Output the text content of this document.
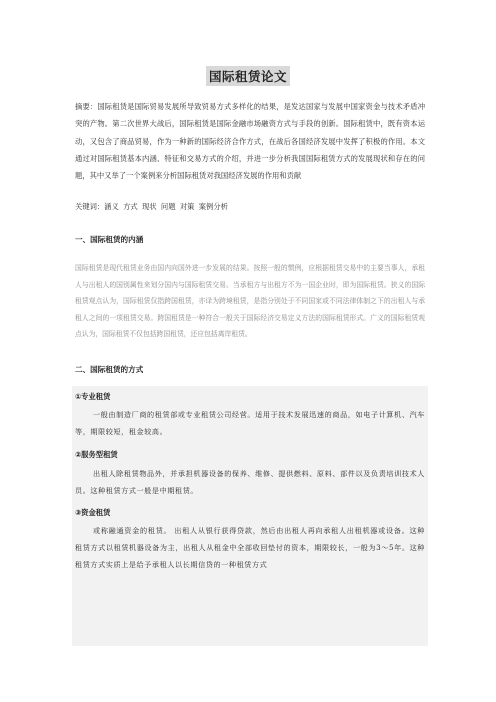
国际租赁论文
摘要：国际租赁是国际贸易发展所导致贸易方式多样化的结果，是发达国家与发展中国家资金与技术矛盾冲突的产物。第二次世界大战后，国际租赁是国际金融市场融资方式与手段的创新。国际租赁中，既有资本运动，又包含了商品贸易，作为一种新的国际经济合作方式，在战后各国经济发展中发挥了积极的作用。本文通过对国际租赁基本内涵、特征和交易方式的介绍，并进一步分析我国国际租赁方式的发展现状和存在的问题，其中又举了一个案例来分析国际租赁对我国经济发展的作用和贡献
关键词：涵义 方式 现状 问题 对策 案例分析
一、国际租赁的内涵
国际租赁是现代租赁业务由国内向国外进一步发展的结果。按照一般的惯例，应根据租赁交易中的主要当事人，承租人与出租人的国别属性来划分国内与国际租赁交易。当承租方与出租方不为一国企业时，即为国际租赁。狭义的国际租赁观点认为，国际租赁仅指跨国租赁，亦译为跨境租赁，是指分别处于不同国家或不同法律体制之下的出租人与承租人之间的一项租赁交易。跨国租赁是一种符合一般关于国际经济交易定义方法的国际租赁形式。广义的国际租赁观点认为，国际租赁不仅包括跨国租赁，还应包括离岸租赁。
二、国际租赁的方式
①专业租赁
一般由制造厂商的租赁部或专业租赁公司经营。适用于技术发展迅速的商品，如电子计算机、汽车等，期限较短，租金较高。
②服务型租赁
出租人除租赁物品外，并承担机器设备的保养、维修、提供燃料、原料、部件以及负责培训技术人员。这种租赁方式一般是中期租赁。
③资金租赁
或称融通资金的租赁。 出租人从银行获得贷款，然后由出租人再向承租人出租机器或设备。这种租赁方式以租赁机器设备为主，出租人从租金中全部收回垫付的资本，期限较长，一般为3～5年。这种租赁方式实质上是给予承租人以长期信贷的一种租赁方式
